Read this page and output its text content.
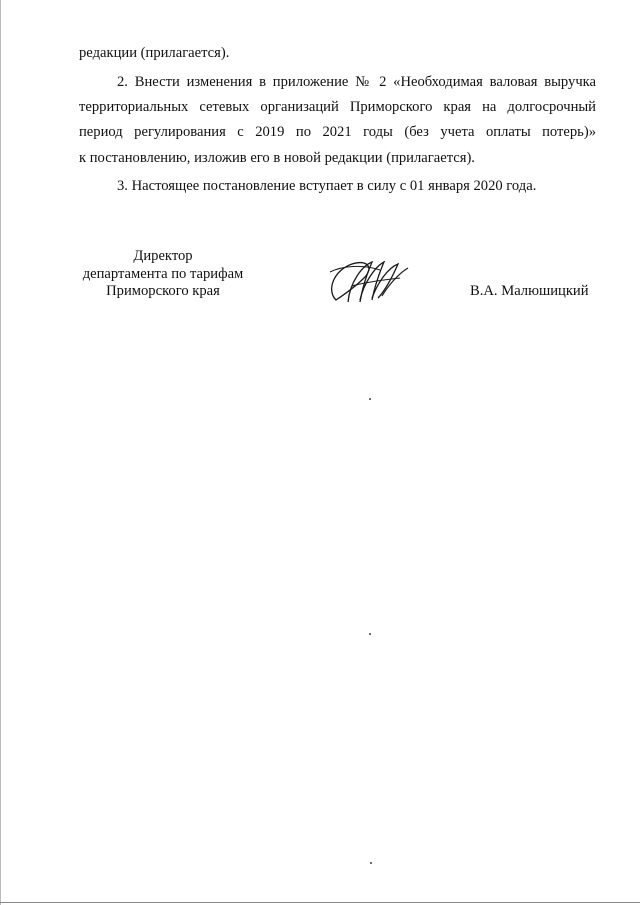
редакции (прилагается).
2. Внести изменения в приложение № 2 «Необходимая валовая выручка
территориальных сетевых организаций Приморского края на долгосрочный
период регулирования с 2019 по 2021 годы (без учета оплаты потерь)»
к постановлению, изложив его в новой редакции (прилагается).
3. Настоящее постановление вступает в силу с 01 января 2020 года.
Директор
департамента по тарифам
Приморского края	В.А. Малюшицкий
